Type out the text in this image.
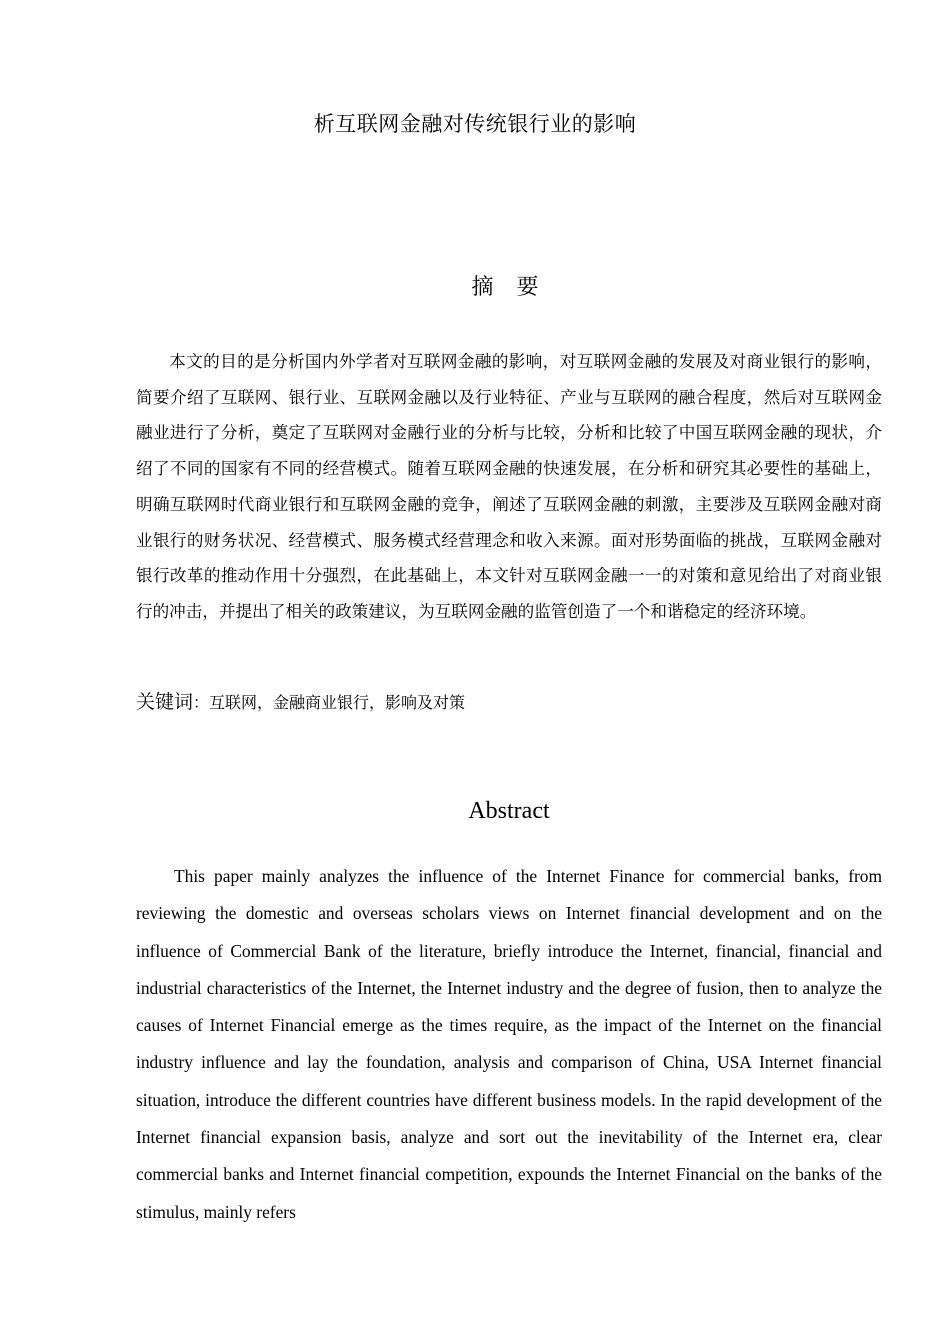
析互联网金融对传统银行业的影响
摘 要

本文的目的是分析国内外学者对互联网金融的影响，对互联网金融的发展及对商业银行的影响，简要介绍了互联网、银行业、互联网金融以及行业特征、产业与互联网的融合程度，然后对互联网金融业进行了分析，奠定了互联网对金融行业的分析与比较，分析和比较了中国互联网金融的现状，介绍了不同的国家有不同的经营模式。随着互联网金融的快速发展，在分析和研究其必要性的基础上，明确互联网时代商业银行和互联网金融的竞争，阐述了互联网金融的刺激，主要涉及互联网金融对商业银行的财务状况、经营模式、服务模式经营理念和收入来源。面对形势面临的挑战，互联网金融对银行改革的推动作用十分强烈，在此基础上，本文针对互联网金融一一的对策和意见给出了对商业银行的冲击，并提出了相关的政策建议，为互联网金融的监管创造了一个和谐稳定的经济环境。

关键词：互联网，金融商业银行，影响及对策
Abstract

This paper mainly analyzes the influence of the Internet Finance for commercial banks, from reviewing the domestic and overseas scholars views on Internet financial development and on the influence of Commercial Bank of the literature, briefly introduce the Internet, financial, financial and industrial characteristics of the Internet, the Internet industry and the degree of fusion, then to analyze the causes of Internet Financial emerge as the times require, as the impact of the Internet on the financial industry influence and lay the foundation, analysis and comparison of China, USA Internet financial situation, introduce the different countries have different business models. In the rapid development of the Internet financial expansion basis, analyze and sort out the inevitability of the Internet era, clear commercial banks and Internet financial competition, expounds the Internet Financial on the banks of the stimulus, mainly refers
